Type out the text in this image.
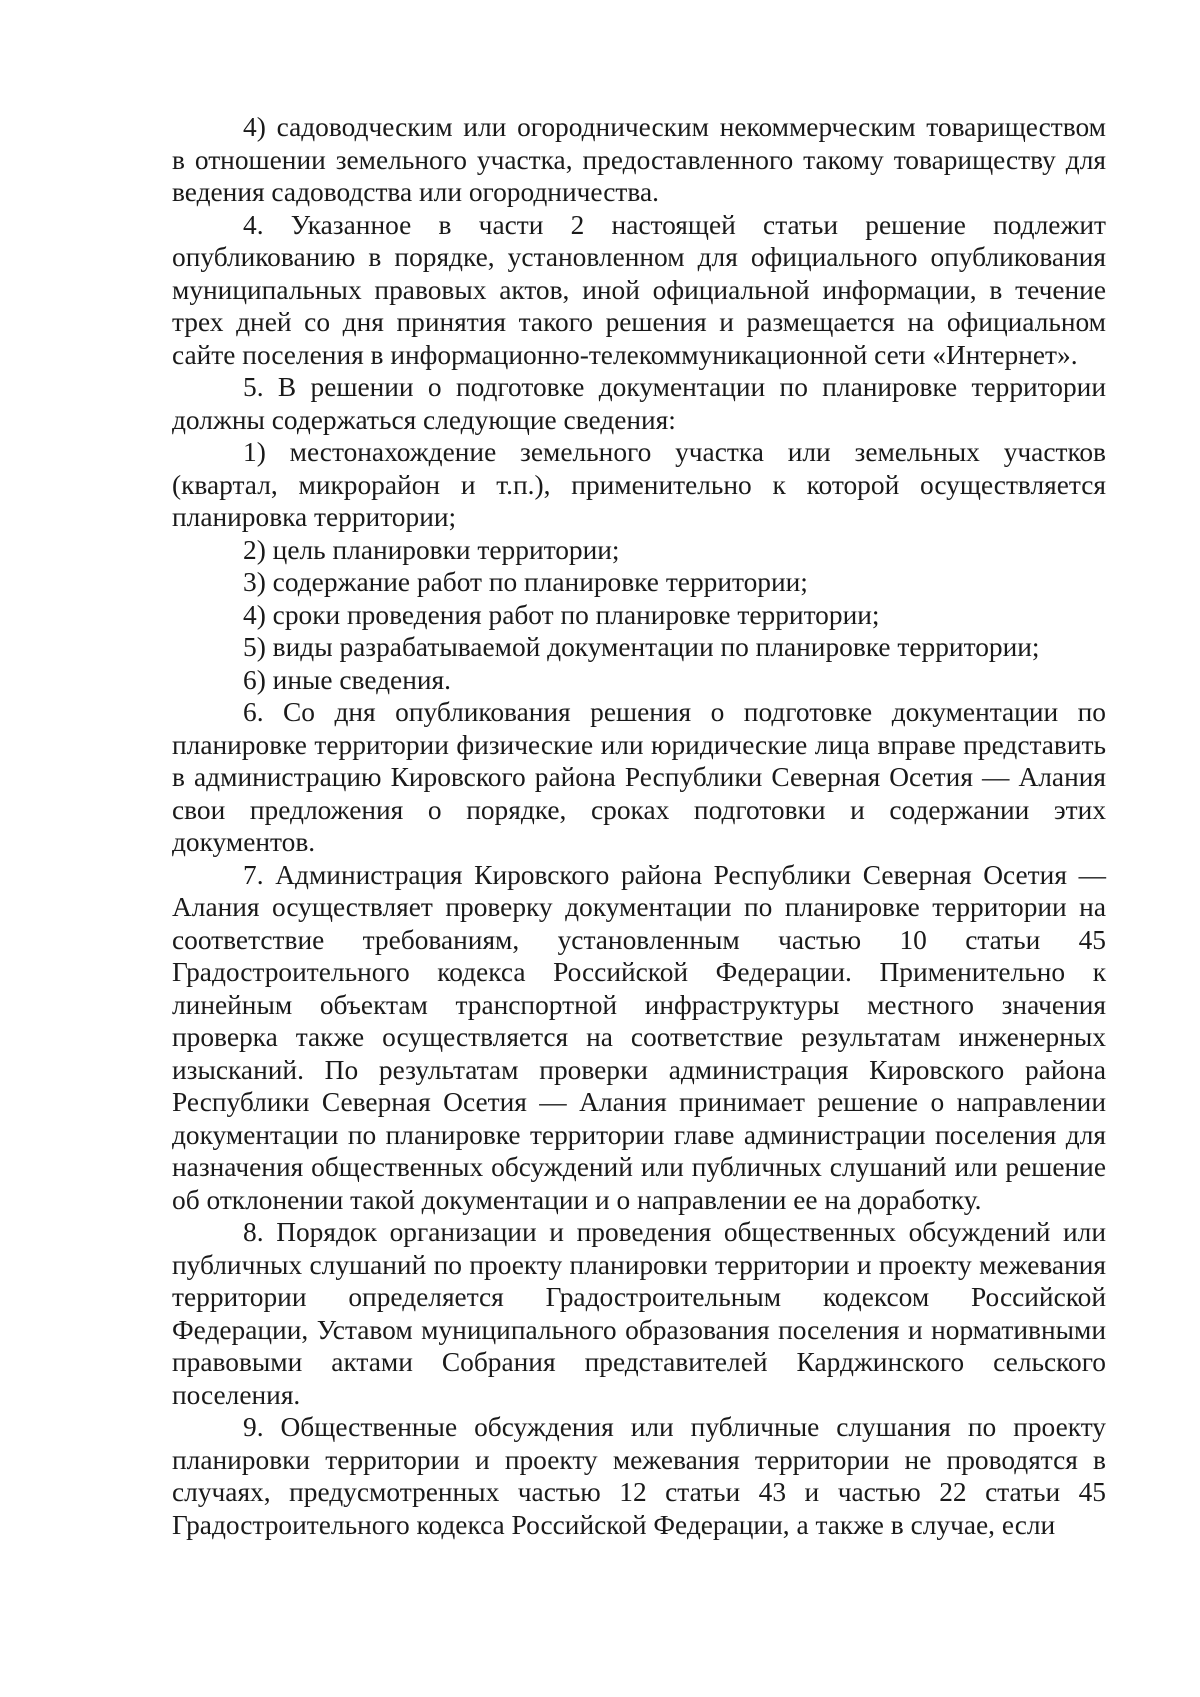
4) садоводческим или огородническим некоммерческим товариществом в отношении земельного участка, предоставленного такому товариществу для ведения садоводства или огородничества.

4. Указанное в части 2 настоящей статьи решение подлежит опубликованию в порядке, установленном для официального опубликования муниципальных правовых актов, иной официальной информации, в течение трех дней со дня принятия такого решения и размещается на официальном сайте поселения в информационно-телекоммуникационной сети «Интернет».

5. В решении о подготовке документации по планировке территории должны содержаться следующие сведения:

1) местонахождение земельного участка или земельных участков (квартал, микрорайон и т.п.), применительно к которой осуществляется планировка территории;

2) цель планировки территории;

3) содержание работ по планировке территории;

4) сроки проведения работ по планировке территории;

5) виды разрабатываемой документации по планировке территории;

6) иные сведения.

6. Со дня опубликования решения о подготовке документации по планировке территории физические или юридические лица вправе представить в администрацию Кировского района Республики Северная Осетия — Алания свои предложения о порядке, сроках подготовки и содержании этих документов.

7. Администрация Кировского района Республики Северная Осетия — Алания осуществляет проверку документации по планировке территории на соответствие требованиям, установленным частью 10 статьи 45 Градостроительного кодекса Российской Федерации. Применительно к линейным объектам транспортной инфраструктуры местного значения проверка также осуществляется на соответствие результатам инженерных изысканий. По результатам проверки администрация Кировского района Республики Северная Осетия — Алания принимает решение о направлении документации по планировке территории главе администрации поселения для назначения общественных обсуждений или публичных слушаний или решение об отклонении такой документации и о направлении ее на доработку.

8. Порядок организации и проведения общественных обсуждений или публичных слушаний по проекту планировки территории и проекту межевания территории определяется Градостроительным кодексом Российской Федерации, Уставом муниципального образования поселения и нормативными правовыми актами Собрания представителей Карджинского сельского поселения.

9. Общественные обсуждения или публичные слушания по проекту планировки территории и проекту межевания территории не проводятся в случаях, предусмотренных частью 12 статьи 43 и частью 22 статьи 45 Градостроительного кодекса Российской Федерации, а также в случае, если
